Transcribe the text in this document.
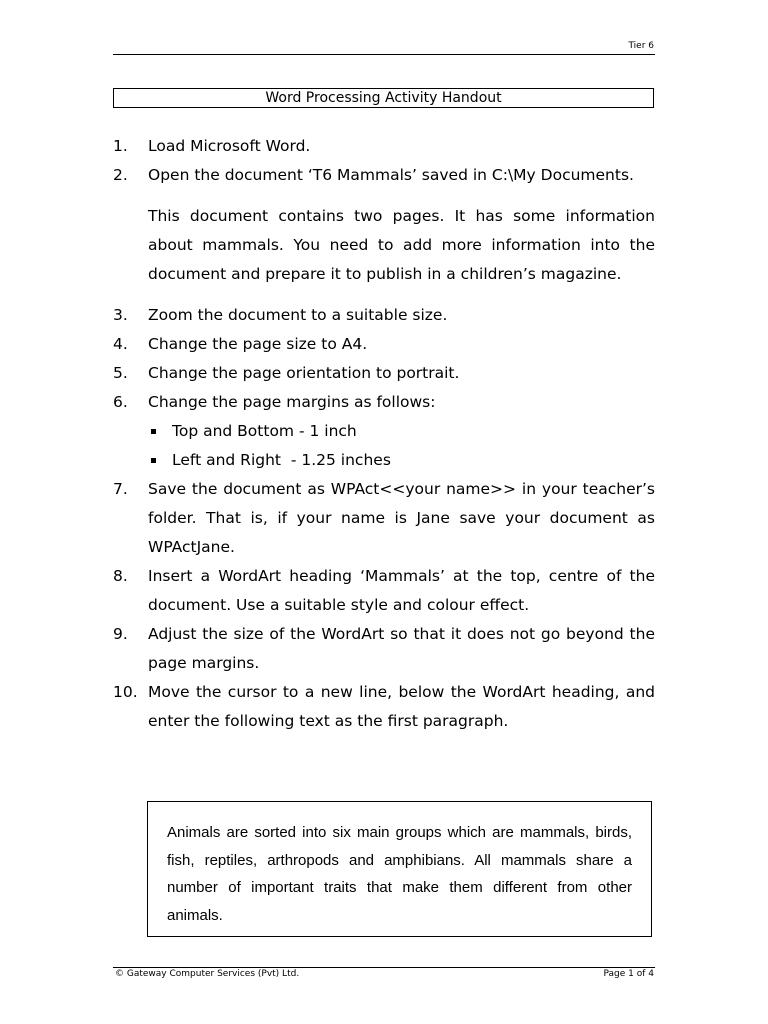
Tier 6
Word Processing Activity Handout
1. Load Microsoft Word.
2. Open the document ‘T6 Mammals’ saved in C:\My Documents.
This document contains two pages. It has some information about mammals. You need to add more information into the document and prepare it to publish in a children’s magazine.
3. Zoom the document to a suitable size.
4. Change the page size to A4.
5. Change the page orientation to portrait.
6. Change the page margins as follows:
Top and Bottom - 1 inch
Left and Right  - 1.25 inches
7. Save the document as WPAct<<your name>> in your teacher’s folder. That is, if your name is Jane save your document as WPActJane.
8. Insert a WordArt heading ‘Mammals’ at the top, centre of the document. Use a suitable style and colour effect.
9. Adjust the size of the WordArt so that it does not go beyond the page margins.
10. Move the cursor to a new line, below the WordArt heading, and enter the following text as the first paragraph.
Animals are sorted into six main groups which are mammals, birds, fish, reptiles, arthropods and amphibians. All mammals share a number of important traits that make them different from other animals.
© Gateway Computer Services (Pvt) Ltd.	Page 1 of 4
